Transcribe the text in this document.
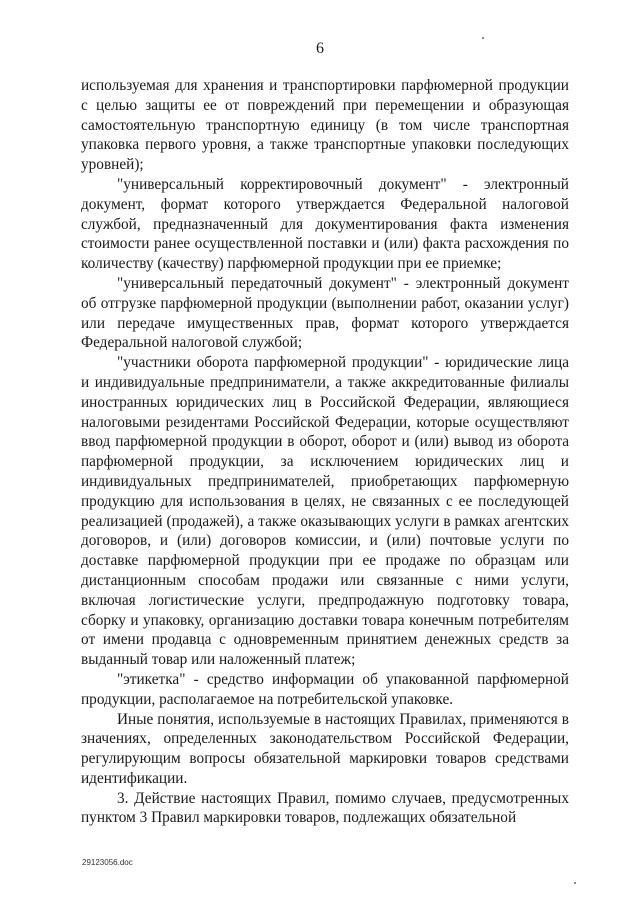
6

используемая для хранения и транспортировки парфюмерной продукции с целью защиты ее от повреждений при перемещении и образующая самостоятельную транспортную единицу (в том числе транспортная упаковка первого уровня, а также транспортные упаковки последующих уровней);

"универсальный корректировочный документ" - электронный документ, формат которого утверждается Федеральной налоговой службой, предназначенный для документирования факта изменения стоимости ранее осуществленной поставки и (или) факта расхождения по количеству (качеству) парфюмерной продукции при ее приемке;

"универсальный передаточный документ" - электронный документ об отгрузке парфюмерной продукции (выполнении работ, оказании услуг) или передаче имущественных прав, формат которого утверждается Федеральной налоговой службой;

"участники оборота парфюмерной продукции" - юридические лица и индивидуальные предприниматели, а также аккредитованные филиалы иностранных юридических лиц в Российской Федерации, являющиеся налоговыми резидентами Российской Федерации, которые осуществляют ввод парфюмерной продукции в оборот, оборот и (или) вывод из оборота парфюмерной продукции, за исключением юридических лиц и индивидуальных предпринимателей, приобретающих парфюмерную продукцию для использования в целях, не связанных с ее последующей реализацией (продажей), а также оказывающих услуги в рамках агентских договоров, и (или) договоров комиссии, и (или) почтовые услуги по доставке парфюмерной продукции при ее продаже по образцам или дистанционным способам продажи или связанные с ними услуги, включая логистические услуги, предпродажную подготовку товара, сборку и упаковку, организацию доставки товара конечным потребителям от имени продавца с одновременным принятием денежных средств за выданный товар или наложенный платеж;

"этикетка" - средство информации об упакованной парфюмерной продукции, располагаемое на потребительской упаковке.

Иные понятия, используемые в настоящих Правилах, применяются в значениях, определенных законодательством Российской Федерации, регулирующим вопросы обязательной маркировки товаров средствами идентификации.

3. Действие настоящих Правил, помимо случаев, предусмотренных пунктом 3 Правил маркировки товаров, подлежащих обязательной

29123056.doc
